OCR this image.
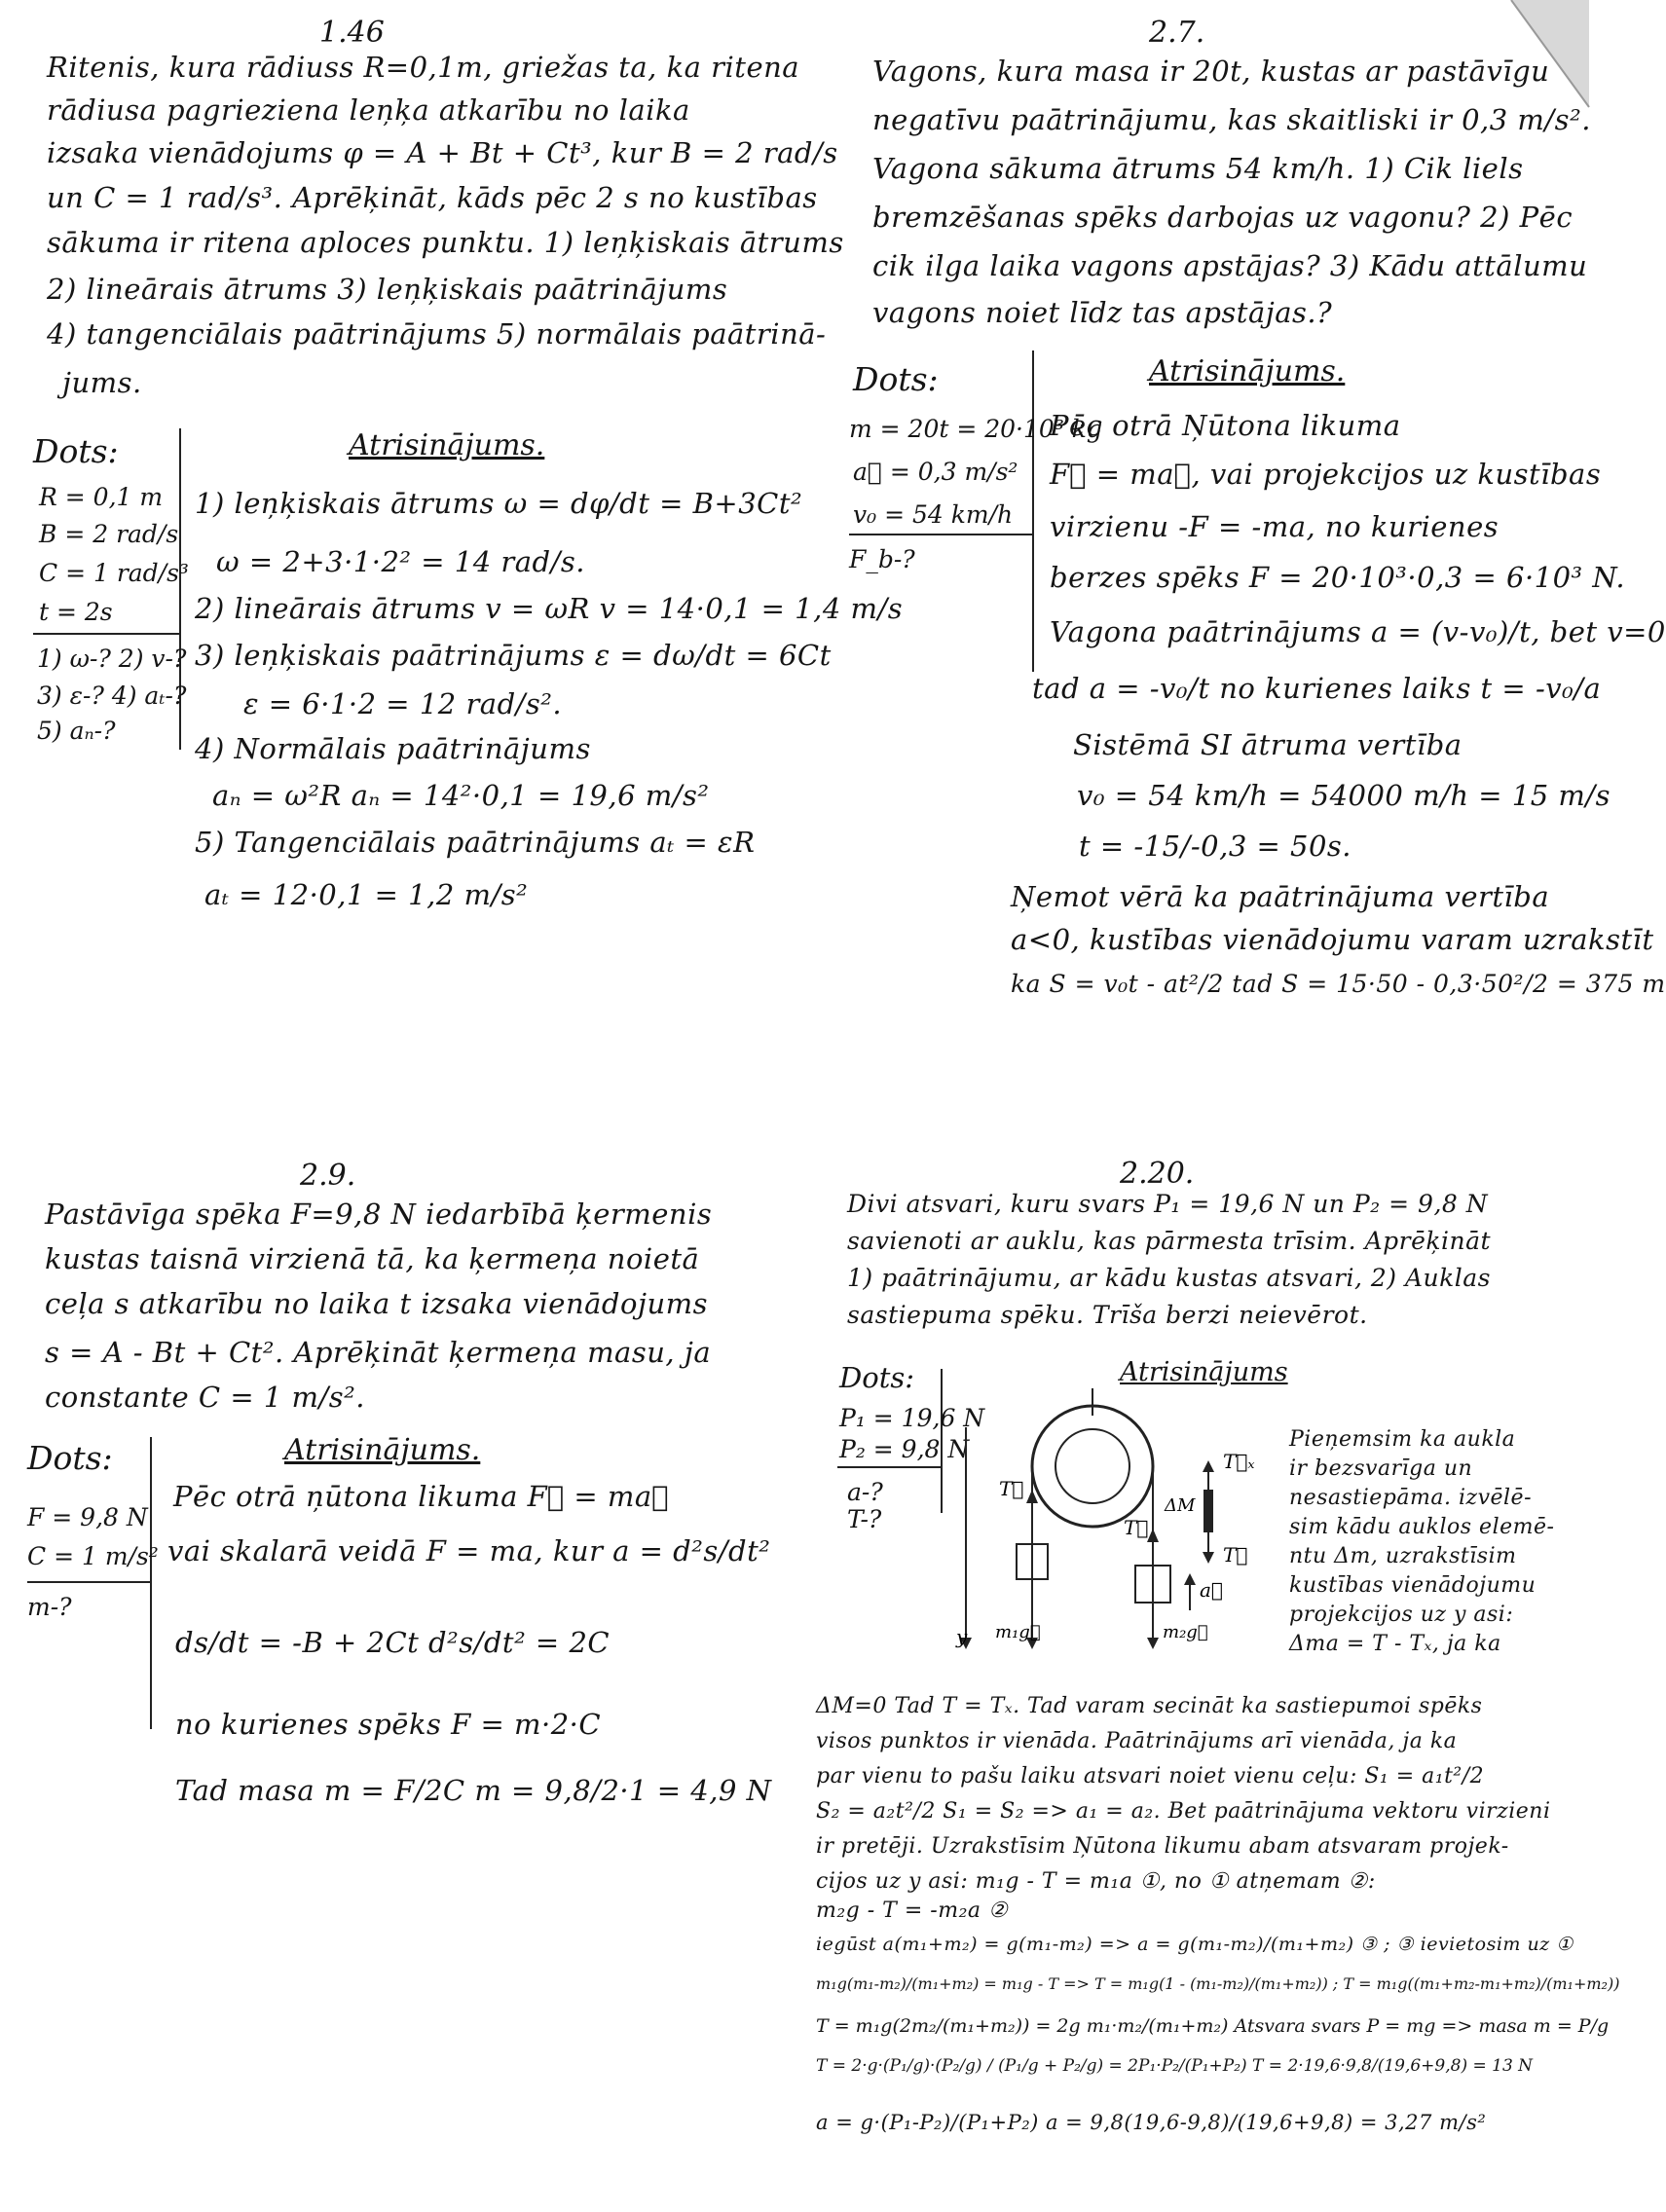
1.46
Ritenis, kura rādiuss R=0,1m, griežas ta, ka ritena
rādiusa pagriezienа leņķa atkarību no laika
izsaka vienādojums φ = A + Bt + Ct³, kur B = 2 rad/s
un C = 1 rad/s³. Aprēķināt, kāds pēc 2 s no kustības
sākuma ir ritena aploces punktu. 1) leņķiskais ātrums
2) lineārais ātrums 3) leņķiskais paātrinājums
4) tangenciālais paātrinājums 5) normālais paātrinā-
jums.
Dots:
R = 0,1 m
B = 2 rad/s
C = 1 rad/s³
t = 2s
1) ω-? 2) v-?
3) ε-? 4) aₜ-?
5) aₙ-?
Atrisinājums.
1) leņķiskais ātrums ω = dφ/dt = B+3Ct²
ω = 2+3·1·2² = 14 rad/s.
2) lineārais ātrums v = ωR v = 14·0,1 = 1,4 m/s
3) leņķiskais paātrinājums ε = dω/dt = 6Ct
ε = 6·1·2 = 12 rad/s².
4) Normālais paātrinājums
aₙ = ω²R aₙ = 14²·0,1 = 19,6 m/s²
5) Tangenciālais paātrinājums aₜ = εR
aₜ = 12·0,1 = 1,2 m/s²
2.7.
Vagons, kura masa ir 20t, kustas ar pastāvīgu
negatīvu paātrinājumu, kas skaitliski ir 0,3 m/s².
Vagona sākuma ātrums 54 km/h. 1) Cik liels
bremzēšanas spēks darbojas uz vagonu? 2) Pēc
cik ilga laika vagons apstājas? 3) Kādu attālumu
vagons noiet līdz tas apstājas.?
Dots:
m = 20t = 20·10³ kg
a⃗ = 0,3 m/s²
v₀ = 54 km/h
F_b-?
Atrisinājums.
Pēc otrā Ņūtona likuma
F⃗ = ma⃗, vai projekcijos uz kustības
virzienu -F = -ma, no kurienes
berzes spēks F = 20·10³·0,3 = 6·10³ N.
Vagona paātrinājums a = (v-v₀)/t, bet v=0
tad a = -v₀/t no kurienes laiks t = -v₀/a
Sistēmā SI ātruma vertība
v₀ = 54 km/h = 54000 m/h = 15 m/s
t = -15/-0,3 = 50s.
Ņemot vērā ka paātrinājuma vertība
a<0, kustības vienādojumu varam uzrakstīt
ka S = v₀t - at²/2 tad S = 15·50 - 0,3·50²/2 = 375 m
2.9.
Pastāvīga spēka F=9,8 N iedarbībā ķermenis
kustas taisnā virzienā tā, ka ķermeņa noietā
ceļa s atkarību no laika t izsaka vienādojums
s = A - Bt + Ct². Aprēķināt ķermeņa masu, ja
constante C = 1 m/s².
Dots:
F = 9,8 N
C = 1 m/s²
m-?
Atrisinājums.
Pēc otrā ņūtona likuma F⃗ = ma⃗
vai skalarā veidā F = ma, kur a = d²s/dt²
ds/dt = -B + 2Ct d²s/dt² = 2C
no kurienes spēks F = m·2·C
Tad masa m = F/2C m = 9,8/2·1 = 4,9 N
2.20.
Divi atsvari, kuru svars P₁ = 19,6 N un P₂ = 9,8 N
savienoti ar auklu, kas pārmesta trīsim. Aprēķināt
1) paātrinājumu, ar kādu kustas atsvari, 2) Auklas
sastiepuma spēku. Trīša berzi neievērot.
Dots:
P₁ = 19,6 N
P₂ = 9,8 N
a-?
T-?
Atrisinājums
T⃗
T⃗
T⃗ₓ
ΔM
T⃗
a⃗
m₁g⃗	m₂g⃗
y
Pieņemsim ka aukla
ir bezsvarīga un
nesastiepāma. izvēlē-
sim kādu auklos elemē-
ntu Δm, uzrakstīsim
kustības vienādojumu
projekcijos uz y asi:
Δma = T - Tₓ, ja ka
ΔM=0 Tad T = Tₓ. Tad varam secināt ka sastiepumoi spēks
visos punktos ir vienāda. Paātrinājums arī vienāda, ja ka
par vienu to pašu laiku atsvari noiet vienu ceļu: S₁ = a₁t²/2
S₂ = a₂t²/2 S₁ = S₂ => a₁ = a₂. Bet paātrinājuma vektoru virzieni
ir pretēji. Uzrakstīsim Ņūtona likumu abam atsvaram projek-
cijos uz y asi: m₁g - T = m₁a ①, no ① atņemam ②:
m₂g - T = -m₂a ②
iegūst a(m₁+m₂) = g(m₁-m₂) => a = g(m₁-m₂)/(m₁+m₂) ③ ; ③ ievietosim uz ①
m₁g(m₁-m₂)/(m₁+m₂) = m₁g - T => T = m₁g(1 - (m₁-m₂)/(m₁+m₂)) ; T = m₁g((m₁+m₂-m₁+m₂)/(m₁+m₂))
T = m₁g(2m₂/(m₁+m₂)) = 2g m₁·m₂/(m₁+m₂) Atsvara svars P = mg => masa m = P/g
T = 2·g·(P₁/g)·(P₂/g) / (P₁/g + P₂/g) = 2P₁·P₂/(P₁+P₂) T = 2·19,6·9,8/(19,6+9,8) = 13 N
a = g·(P₁-P₂)/(P₁+P₂) a = 9,8(19,6-9,8)/(19,6+9,8) = 3,27 m/s²
